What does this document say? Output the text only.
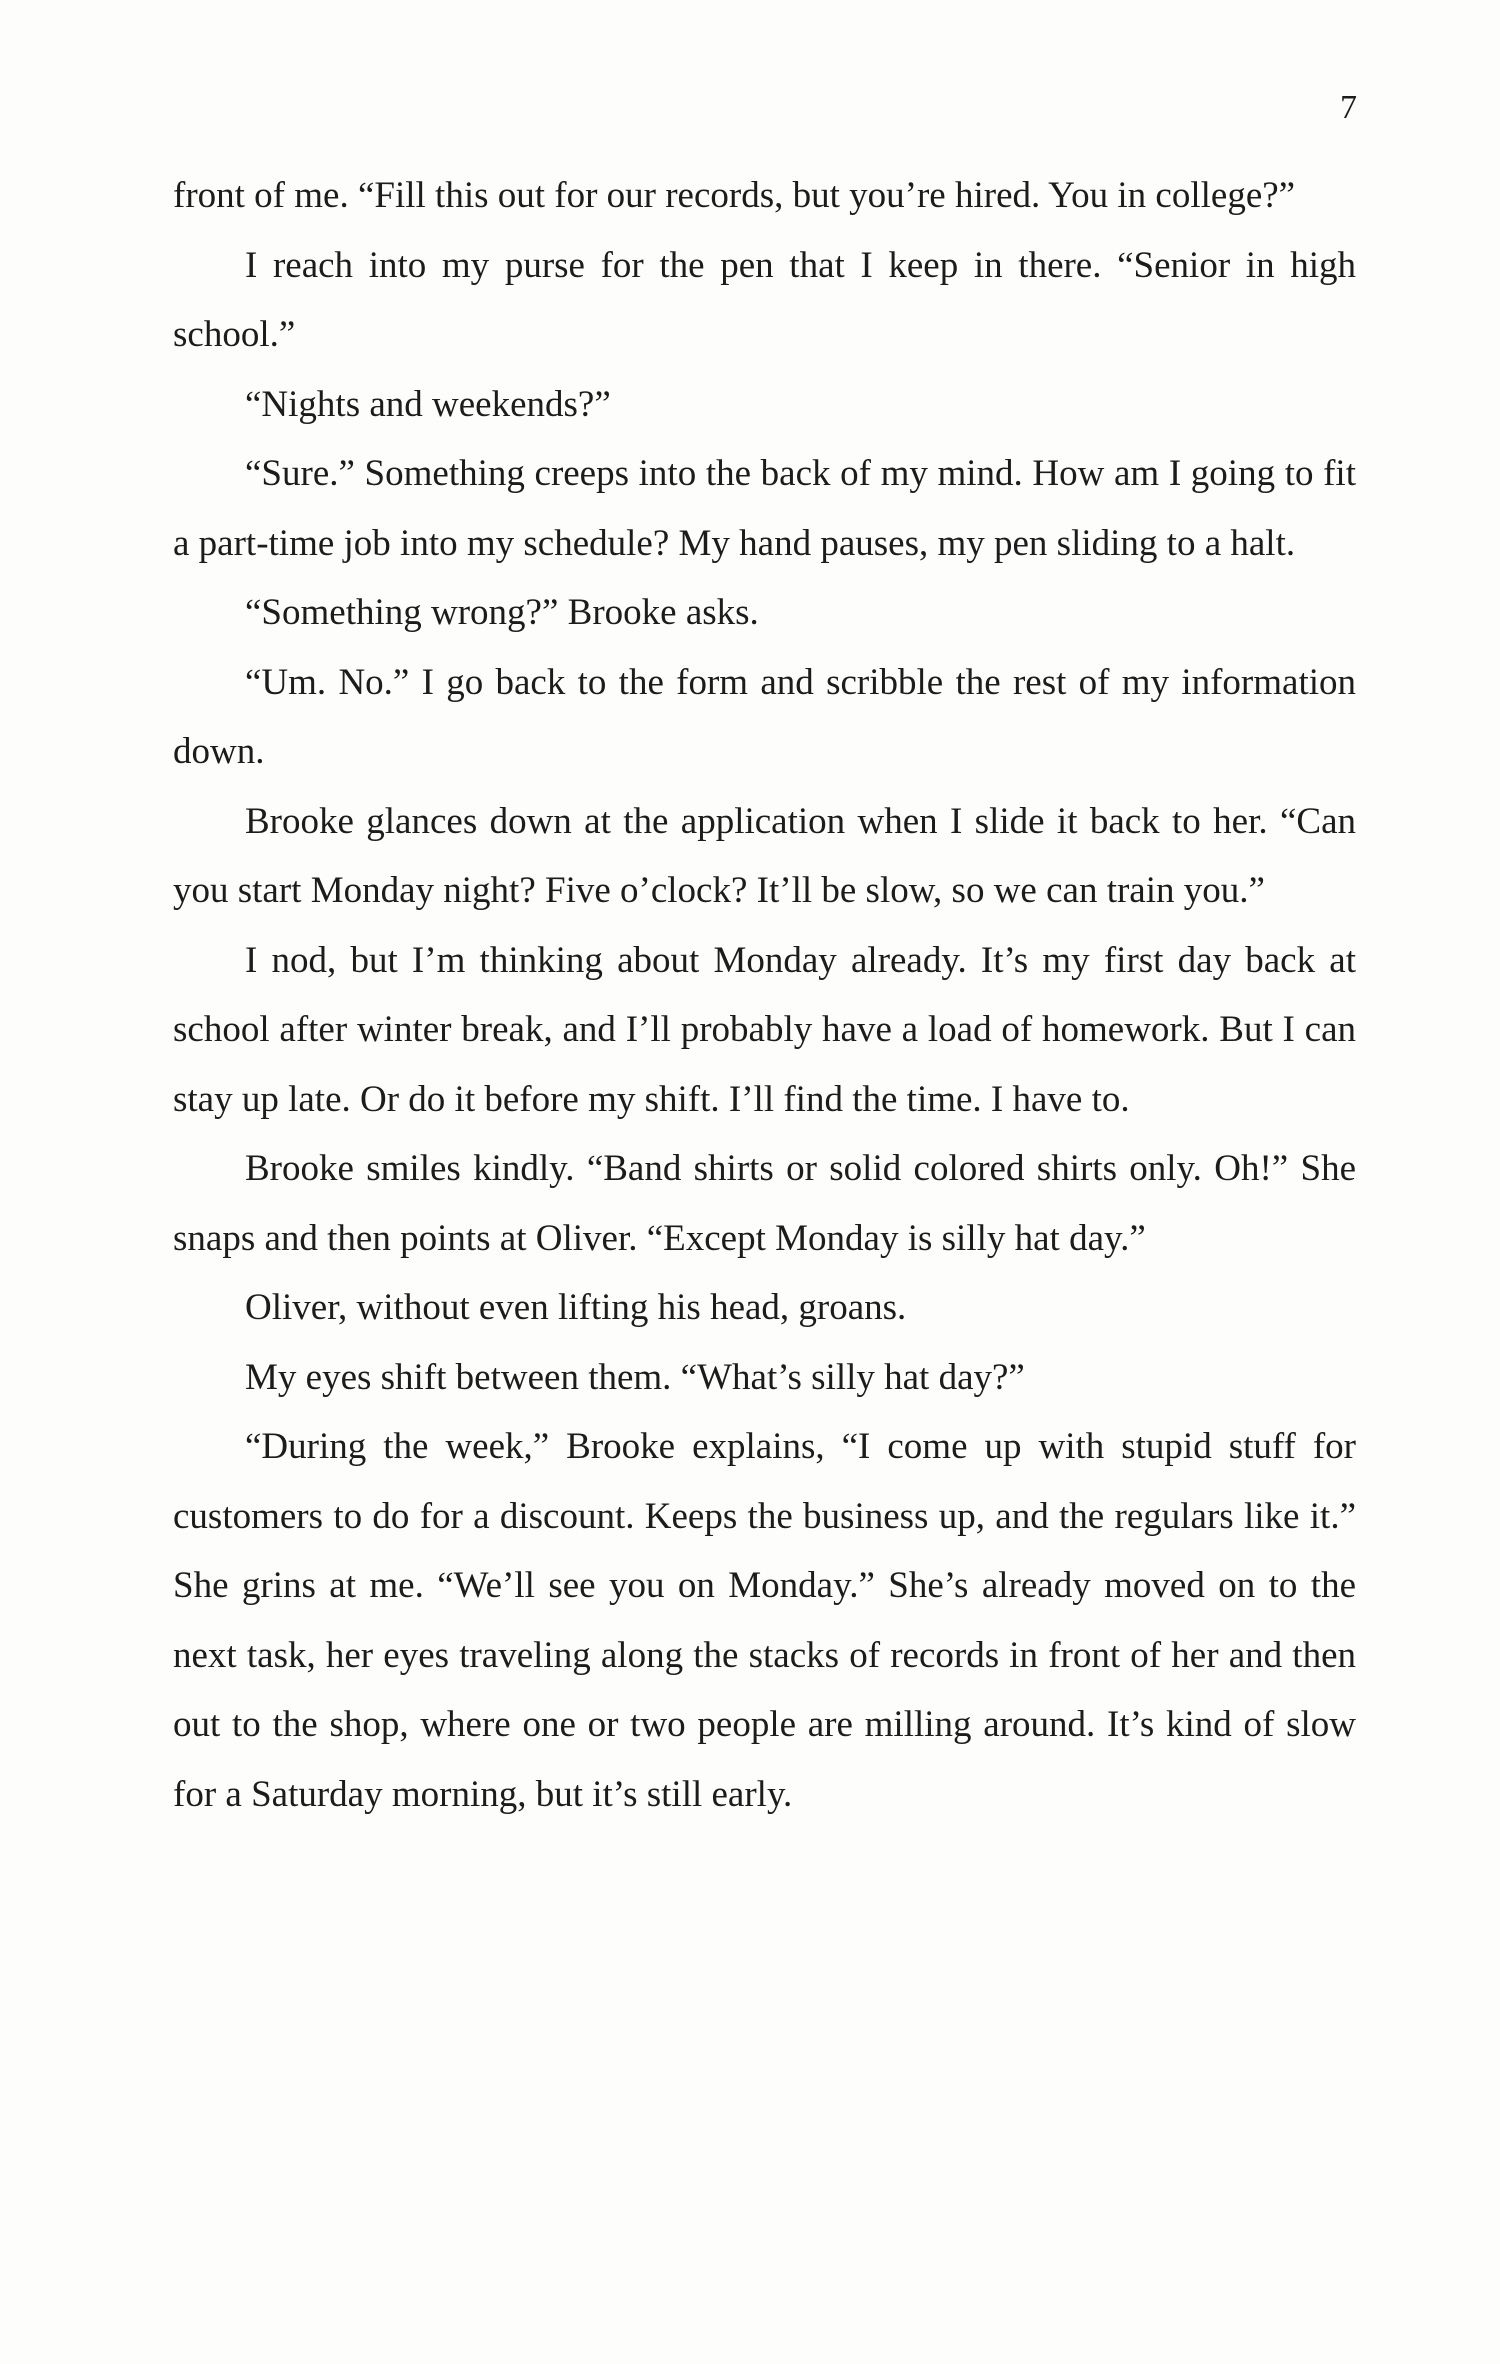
7

front of me. “Fill this out for our records, but you’re hired. You in college?”

I reach into my purse for the pen that I keep in there. “Senior in high school.”

“Nights and weekends?”

“Sure.” Something creeps into the back of my mind. How am I going to fit a part-time job into my schedule? My hand pauses, my pen sliding to a halt.

“Something wrong?” Brooke asks.

“Um. No.” I go back to the form and scribble the rest of my information down.

Brooke glances down at the application when I slide it back to her. “Can you start Monday night? Five o’clock? It’ll be slow, so we can train you.”

I nod, but I’m thinking about Monday already. It’s my first day back at school after winter break, and I’ll probably have a load of homework. But I can stay up late. Or do it before my shift. I’ll find the time. I have to.

Brooke smiles kindly. “Band shirts or solid colored shirts only. Oh!” She snaps and then points at Oliver. “Except Monday is silly hat day.”

Oliver, without even lifting his head, groans.

My eyes shift between them. “What’s silly hat day?”

“During the week,” Brooke explains, “I come up with stupid stuff for customers to do for a discount. Keeps the business up, and the regulars like it.” She grins at me. “We’ll see you on Monday.” She’s already moved on to the next task, her eyes traveling along the stacks of records in front of her and then out to the shop, where one or two people are milling around. It’s kind of slow for a Saturday morning, but it’s still early.
